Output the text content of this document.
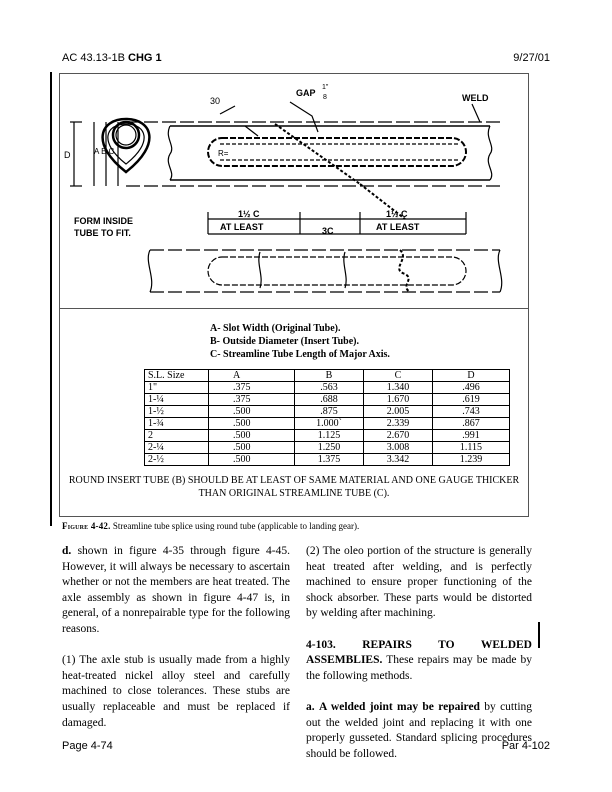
AC 43.13-1B CHG 1	9/27/01
30
GAP
1"
8	WELD
R=
D	A B C
FORM INSIDE
TUBE TO FIT.
1½ C
AT LEAST	3C
1½ C
AT LEAST
A- Slot Width (Original Tube).
B- Outside Diameter (Insert Tube).
C- Streamline Tube Length of Major Axis.
S.L. Size	A	B	C	D
1"	.375	.563	1.340	.496
1-¼	.375	.688	1.670	.619
1-½	.500	.875	2.005	.743
1-¾	.500	1.000`	2.339	.867
2	.500	1.125	2.670	.991
2-¼	.500	1.250	3.008	1.115
2-½	.500	1.375	3.342	1.239
ROUND INSERT TUBE (B) SHOULD BE AT LEAST OF SAME MATERIAL AND ONE GAUGE THICKER THAN ORIGINAL STREAMLINE TUBE (C).
Figure 4-42. Streamline tube splice using round tube (applicable to landing gear).

d. shown in figure 4-35 through figure 4-45. However, it will always be necessary to ascertain whether or not the members are heat treated. The axle assembly as shown in figure 4-47 is, in general, of a nonrepairable type for the following reasons.

(1) The axle stub is usually made from a highly heat-treated nickel alloy steel and carefully machined to close tolerances. These stubs are usually replaceable and must be replaced if damaged.

(2) The oleo portion of the structure is generally heat treated after welding, and is perfectly machined to ensure proper functioning of the shock absorber. These parts would be distorted by welding after machining.

4-103. REPAIRS TO WELDED ASSEMBLIES. These repairs may be made by the following methods.

a. A welded joint may be repaired by cutting out the welded joint and replacing it with one properly gusseted. Standard splicing procedures should be followed.

Page 4-74	Par 4-102
